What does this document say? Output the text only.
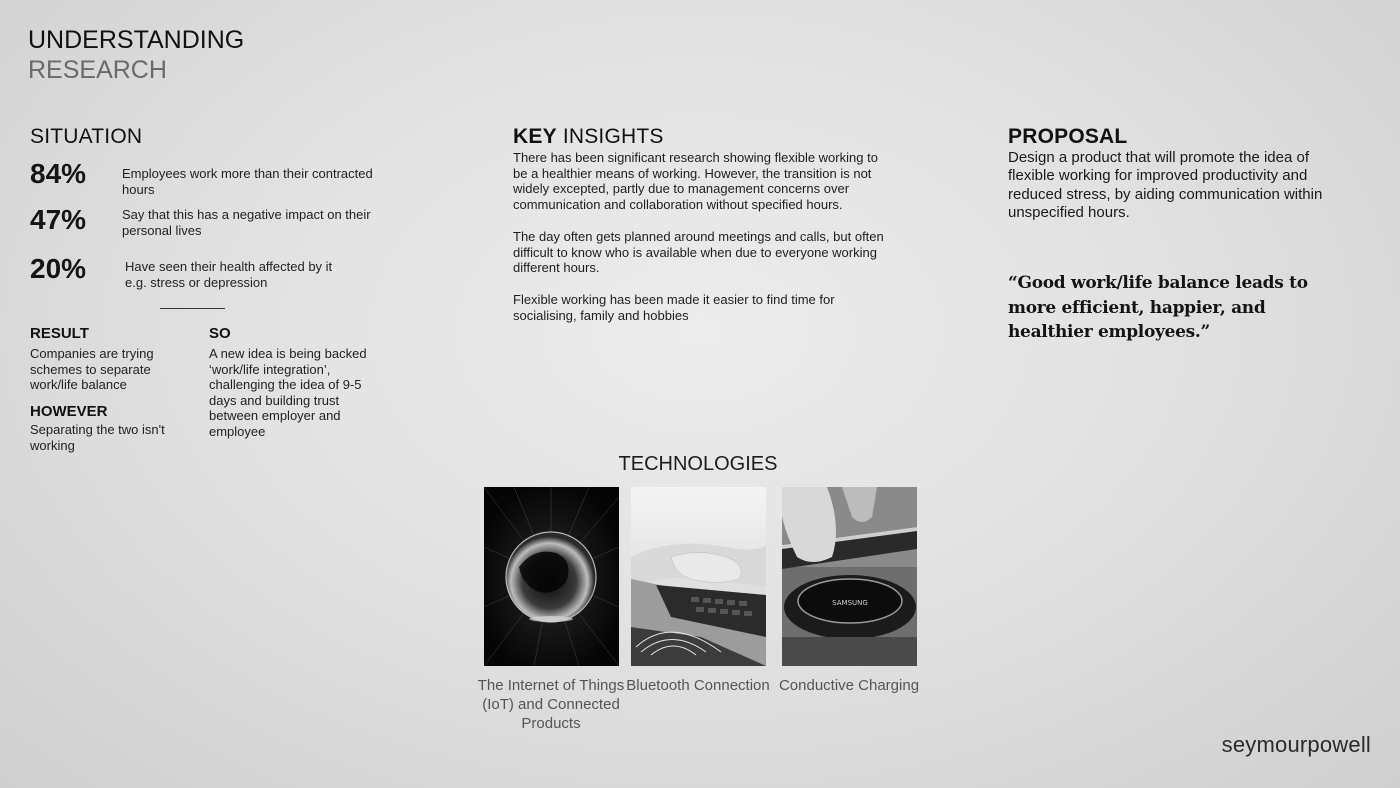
UNDERSTANDING
RESEARCH
SITUATION
84%	Employees work more than their contracted hours
47%	Say that this has a negative impact on their personal lives
20%	Have seen their health affected by it e.g. stress or depression
RESULT
Companies are trying schemes to separate work/life balance
HOWEVER
Separating the two isn't working
SO
A new idea is being backed ‘work/life integration’, challenging the idea of 9-5 days and building trust between employer and employee
KEY INSIGHTS
There has been significant research showing flexible working to be a healthier means of working. However, the transition is not widely excepted, partly due to management concerns over communication and collaboration without specified hours.
The day often gets planned around meetings and calls, but often difficult to know who is available when due to everyone working different hours.
Flexible working has been made it easier to find time for socialising, family and hobbies
PROPOSAL
Design a product that will promote the idea of flexible working for improved productivity and reduced stress, by aiding communication within unspecified hours.
“Good work/life balance leads to more efficient, happier, and healthier employees.”
TECHNOLOGIES
SAMSUNG
The Internet of Things (IoT) and Connected Products
Bluetooth Connection Conductive Charging
seymourpowell
